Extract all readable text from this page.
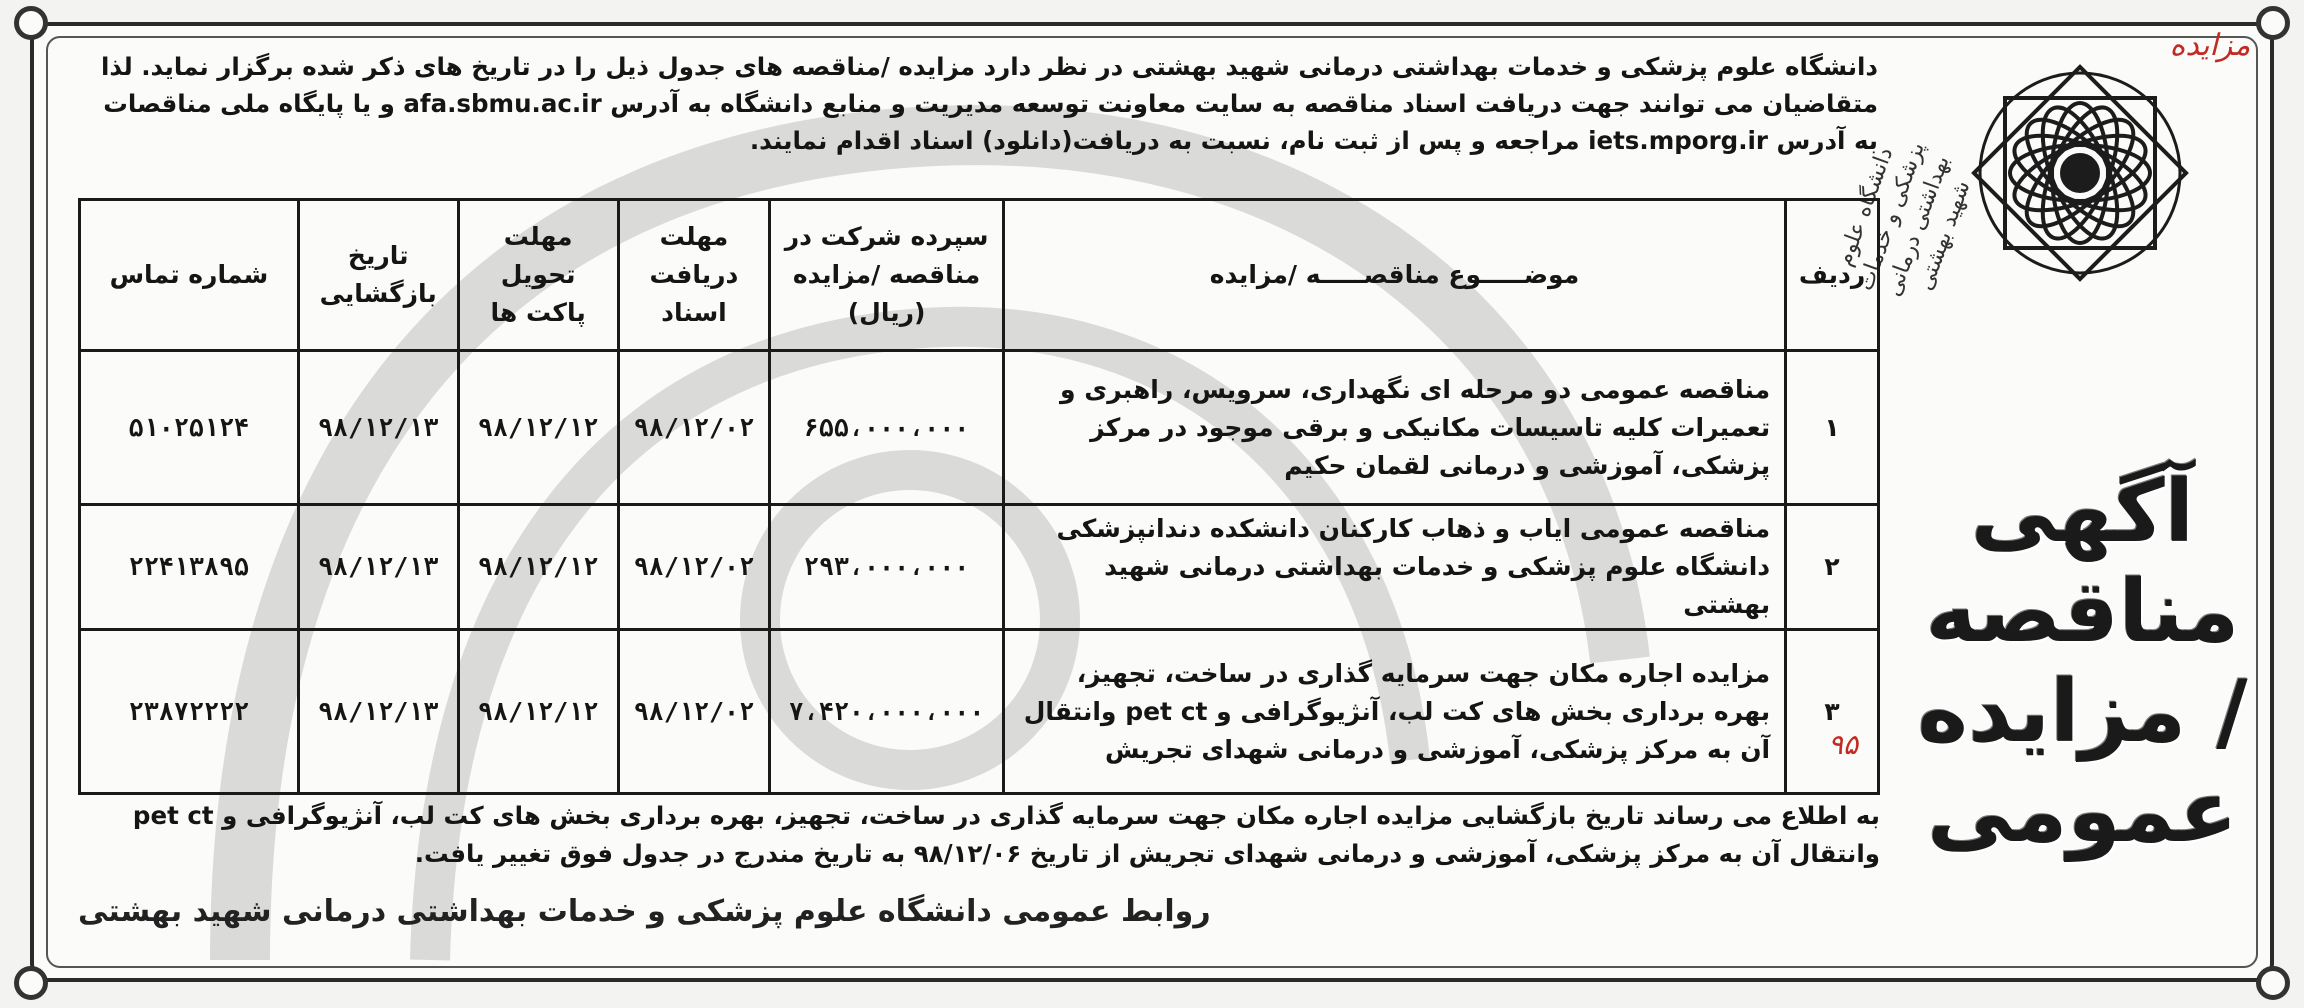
مزایده
۹۵
دانشگاه علوم پزشکی و خدمات بهداشتی درمانی شهید بهشتی
آگهی
مناقصه
/ مزایده
عمومی
دانشگاه علوم پزشکی و خدمات بهداشتی درمانی شهید بهشتی در نظر دارد مزایده /مناقصه های جدول ذیل را در تاریخ های ذکر شده برگزار نماید. لذا متقاضیان می توانند جهت دریافت اسناد مناقصه به سایت معاونت توسعه مدیریت و منابع دانشگاه به آدرس afa.sbmu.ac.ir و یا پایگاه ملی مناقصات به آدرس iets.mporg.ir مراجعه و پس از ثبت نام، نسبت به دریافت(دانلود) اسناد اقدام نمایند.
ردیف	موضـــــوع مناقصـــــه /مزایده	سپرده شرکت در مناقصه /مزایده (ریال)	مهلت دریافت اسناد	مهلت تحویل پاکت ها	تاریخ بازگشایی	شماره تماس
۱	مناقصه عمومی دو مرحله ای نگهداری، سرویس، راهبری و تعمیرات کلیه تاسیسات مکانیکی و برقی موجود در مرکز پزشکی، آموزشی و درمانی لقمان حکیم	۶۵۵،۰۰۰،۰۰۰	۹۸/۱۲/۰۲	۹۸/۱۲/۱۲	۹۸/۱۲/۱۳	۵۱۰۲۵۱۲۴
۲	مناقصه عمومی ایاب و ذهاب کارکنان دانشکده دندانپزشکی دانشگاه علوم پزشکی و خدمات بهداشتی درمانی شهید بهشتی	۲۹۳،۰۰۰،۰۰۰	۹۸/۱۲/۰۲	۹۸/۱۲/۱۲	۹۸/۱۲/۱۳	۲۲۴۱۳۸۹۵
۳	مزایده اجاره مکان جهت سرمایه گذاری در ساخت، تجهیز، بهره برداری بخش های کت لب، آنژیوگرافی و pet ct وانتقال آن به مرکز پزشکی، آموزشی و درمانی شهدای تجریش	۷،۴۲۰،۰۰۰،۰۰۰	۹۸/۱۲/۰۲	۹۸/۱۲/۱۲	۹۸/۱۲/۱۳	۲۳۸۷۲۲۲۲
به اطلاع می رساند تاریخ بازگشایی مزایده اجاره مکان جهت سرمایه گذاری در ساخت، تجهیز، بهره برداری بخش های کت لب، آنژیوگرافی و pet ct وانتقال آن به مرکز پزشکی، آموزشی و درمانی شهدای تجریش از تاریخ ۹۸/۱۲/۰۶ به تاریخ مندرج در جدول فوق تغییر یافت.
روابط عمومی دانشگاه علوم پزشکی و خدمات بهداشتی درمانی شهید بهشتی
